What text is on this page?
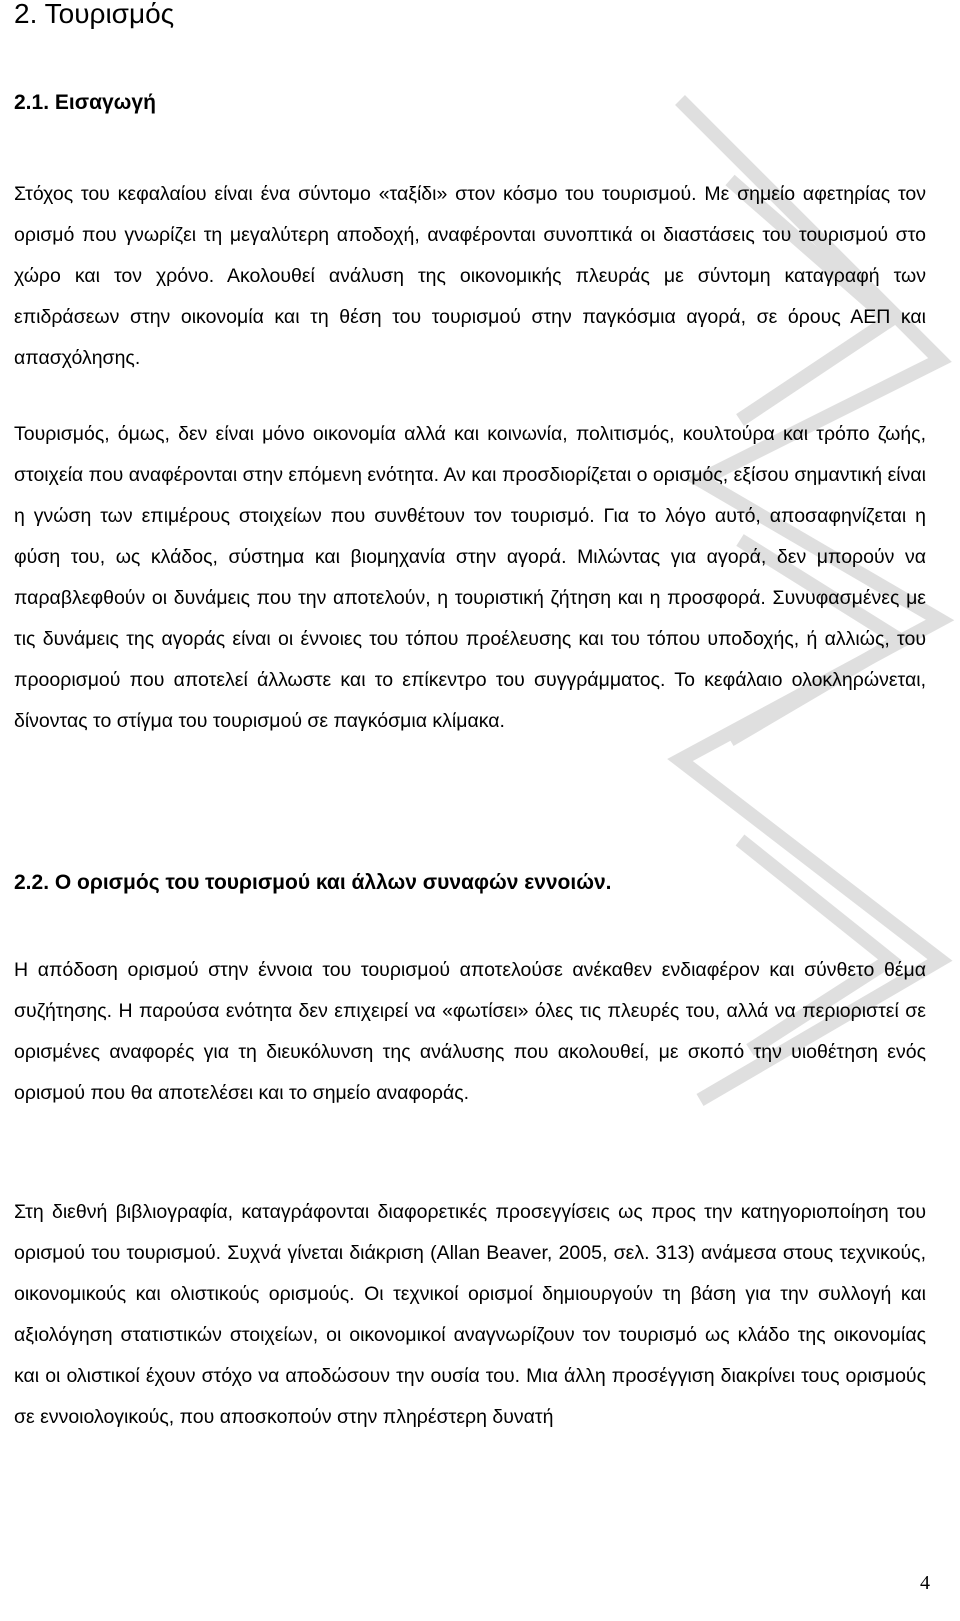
2. Τουρισμός
2.1. Εισαγωγή

Στόχος του κεφαλαίου είναι ένα σύντομο «ταξίδι» στον κόσμο του τουρισμού. Με σημείο αφετηρίας τον ορισμό που γνωρίζει τη μεγαλύτερη αποδοχή, αναφέρονται συνοπτικά οι διαστάσεις του τουρισμού στο χώρο και τον χρόνο. Ακολουθεί ανάλυση της οικονομικής πλευράς με σύντομη καταγραφή των επιδράσεων στην οικονομία και τη θέση του τουρισμού στην παγκόσμια αγορά, σε όρους ΑΕΠ και απασχόλησης.

Τουρισμός, όμως, δεν είναι μόνο οικονομία αλλά και κοινωνία, πολιτισμός, κουλτούρα και τρόπο ζωής, στοιχεία που αναφέρονται στην επόμενη ενότητα. Αν και προσδιορίζεται ο ορισμός, εξίσου σημαντική είναι η γνώση των επιμέρους στοιχείων που συνθέτουν τον τουρισμό. Για το λόγο αυτό, αποσαφηνίζεται η φύση του, ως κλάδος, σύστημα και βιομηχανία στην αγορά. Μιλώντας για αγορά, δεν μπορούν να παραβλεφθούν οι δυνάμεις που την αποτελούν, η τουριστική ζήτηση και η προσφορά. Συνυφασμένες με τις δυνάμεις της αγοράς είναι οι έννοιες του τόπου προέλευσης και του τόπου υποδοχής, ή αλλιώς, του προορισμού που αποτελεί άλλωστε και το επίκεντρο του συγγράμματος. Το κεφάλαιο ολοκληρώνεται, δίνοντας το στίγμα του τουρισμού σε παγκόσμια κλίμακα.

2.2. Ο ορισμός του τουρισμού και άλλων συναφών εννοιών.

Η απόδοση ορισμού στην έννοια του τουρισμού αποτελούσε ανέκαθεν ενδιαφέρον και σύνθετο θέμα συζήτησης. Η παρούσα ενότητα δεν επιχειρεί να «φωτίσει» όλες τις πλευρές του, αλλά να περιοριστεί σε ορισμένες αναφορές για τη διευκόλυνση της ανάλυσης που ακολουθεί, με σκοπό την υιοθέτηση ενός ορισμού που θα αποτελέσει και το σημείο αναφοράς.

Στη διεθνή βιβλιογραφία, καταγράφονται διαφορετικές προσεγγίσεις ως προς την κατηγοριοποίηση του ορισμού του τουρισμού. Συχνά γίνεται διάκριση (Allan Beaver, 2005, σελ. 313) ανάμεσα στους τεχνικούς, οικονομικούς και ολιστικούς ορισμούς. Οι τεχνικοί ορισμοί δημιουργούν τη βάση για την συλλογή και αξιολόγηση στατιστικών στοιχείων, οι οικονομικοί αναγνωρίζουν τον τουρισμό ως κλάδο της οικονομίας και οι ολιστικοί έχουν στόχο να αποδώσουν την ουσία του. Μια άλλη προσέγγιση διακρίνει τους ορισμούς σε εννοιολογικούς, που αποσκοπούν στην πληρέστερη δυνατή

4
